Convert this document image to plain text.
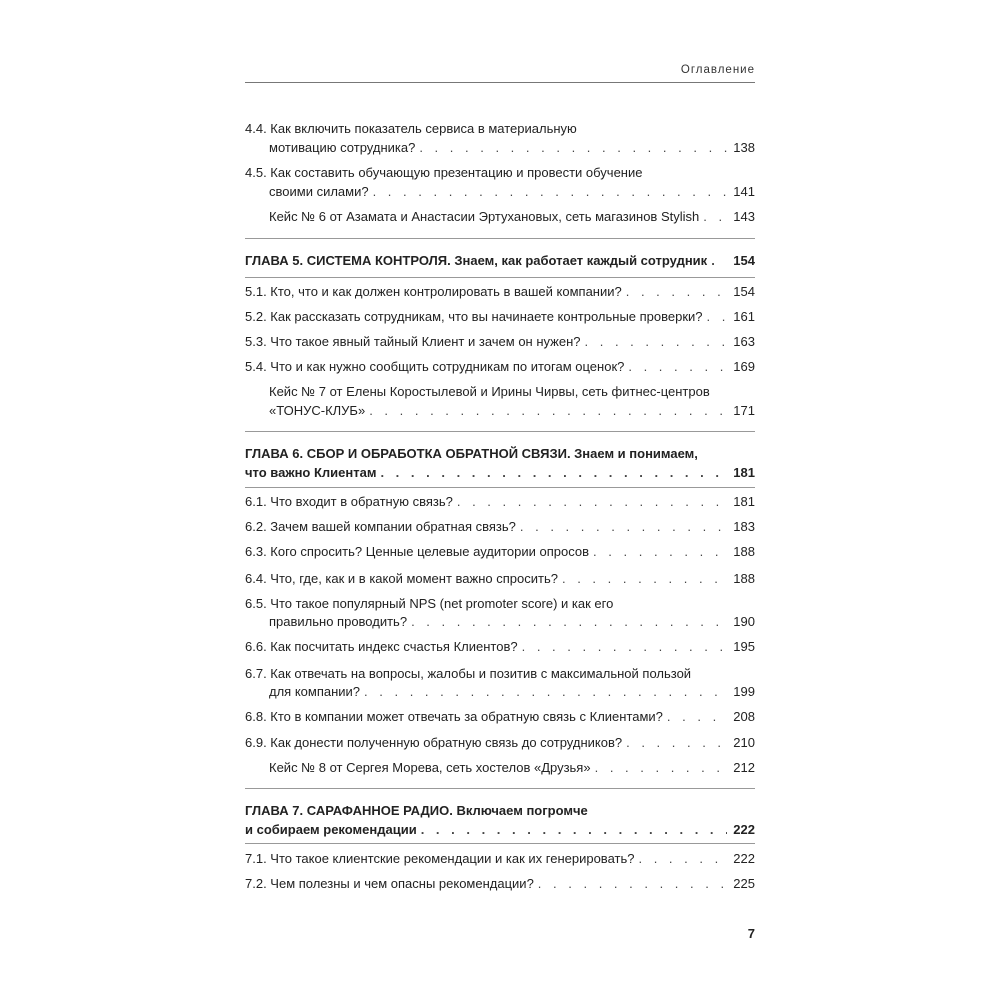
Оглавление
4.4. Как включить показатель сервиса в материальную
мотивацию сотрудника? . . .	138
4.5. Как составить обучающую презентацию и провести обучение
своими силами? . . .	141
Кейс № 6 от Азамата и Анастасии Эртухановых, сеть магазинов Stylish . . .	143
ГЛАВА 5. СИСТЕМА КОНТРОЛЯ. Знаем, как работает каждый сотрудник . . . 154
5.1. Кто, что и как должен контролировать в вашей компании? . . .	154
5.2. Как рассказать сотрудникам, что вы начинаете контрольные проверки? . . . 161
5.3. Что такое явный тайный Клиент и зачем он нужен? . . .	163
5.4. Что и как нужно сообщить сотрудникам по итогам оценок? . . .	169
Кейс № 7 от Елены Коростылевой и Ирины Чирвы, сеть фитнес-центров
«ТОНУС-КЛУБ» . . .	171
ГЛАВА 6. СБОР И ОБРАБОТКА ОБРАТНОЙ СВЯЗИ. Знаем и понимаем,
что важно Клиентам . . .	181
6.1. Что входит в обратную связь? . . .	181
6.2. Зачем вашей компании обратная связь? . . .	183
6.3. Кого спросить? Ценные целевые аудитории опросов . . .	188
6.4. Что, где, как и в какой момент важно спросить? . . .	188
6.5. Что такое популярный NPS (net promoter score) и как его
правильно проводить? . . .	190
6.6. Как посчитать индекс счастья Клиентов? . . .	195
6.7. Как отвечать на вопросы, жалобы и позитив с максимальной пользой
для компании? . . .	199
6.8. Кто в компании может отвечать за обратную связь с Клиентами? . . .	208
6.9. Как донести полученную обратную связь до сотрудников? . . .	210
Кейс № 8 от Сергея Морева, сеть хостелов «Друзья» . . .	212
ГЛАВА 7. САРАФАННОЕ РАДИО. Включаем погромче
и собираем рекомендации . . .	222
7.1. Что такое клиентские рекомендации и как их генерировать? . . .	222
7.2. Чем полезны и чем опасны рекомендации? . . .	225
7
